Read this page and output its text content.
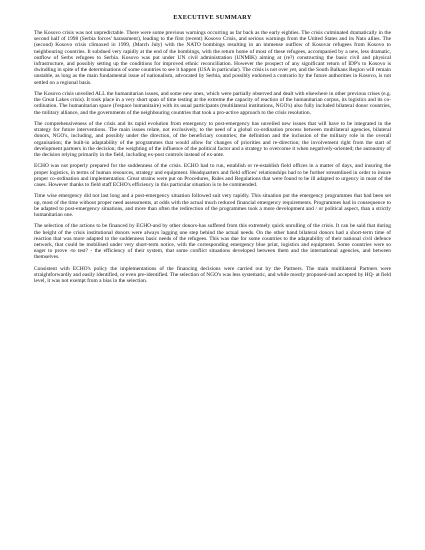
EXECUTIVE SUMMARY

The Kosovo crisis was not unpredictable. There were some previous warnings occurring as far back as the early eighties. The crisis culminated dramatically in the second half of 1998 (Serbia forces' harassment), leading to the first (recent) Kosovo Crisis, and serious warnings from the United States and its Nato allies. The (second) Kosovo crisis climaxed in 1999, (March July) with the NATO bombings resulting in an immense outflow of Kosovar refugees from Kosovo to neighbouring countries. It subdued very rapidly at the end of the bombings, with the return home of most of these refugees, accompanied by a new, less dramatic, outflow of Serbs refugees to Serbia. Kosovo was put under UN civil administration (UNMIK) aiming at (re?) constructing the basic civil and physical infrastructure, and possibly setting up the conditions for improved ethnic reconciliation. However the prospect of any significant return of IDP's to Kosovo is dwindling in spite of the determinations of some countries to see it happen (USA in particular). The crisis is not over yet, and the South Balkans Region will remain unstable, as long as the main fundamental issue of nationalism, advocated by Serbia, and possibly endorsed a contrario by the future authorities in Kosovo, is not settled on a regional basis.

The Kosovo crisis unveiled ALL the humanitarian issues, and some new ones, which were partially observed and dealt with elsewhere in other previous crises (e.g. the Great Lakes crisis). It took place in a very short span of time testing at the extreme the capacity of reaction of the humanitarian corpus, its logistics and its co-ordination. The humanitarian space (l'espace humanitaire) with its usual participants (multilateral institutions, NGO's) also fully included bilateral donor countries, the military alliance, and the governments of the neighbouring countries that took a pro-active approach to the crisis resolution.

The comprehensiveness of the crisis and its rapid evolution from emergency to post-emergency has unveiled new issues that will have to be integrated in the strategy for future interventions. The main issues relate, not exclusively, to the need of a global co-ordination process between multilateral agencies, bilateral donors, NGO's, including, and possibly under the direction, of the beneficiary countries; the definition and the inclusion of the military role in the overall organisation; the built-in adaptability of the programmes that would allow for changes of priorities and re-direction; the involvement right from the start of development partners in the decision; the weighting of the influence of the political factor and a strategy to overcome it when negatively-oriented; the autonomy of the decision relying primarily in the field, including ex-post controls instead of ex-ante.

ECHO was not properly prepared for the suddenness of the crisis. ECHO had to run, establish or re-establish field offices in a matter of days, and insuring the proper logistics, in terms of human resources, strategy and equipment. Headquarters and field offices' relationships had to be further streamlined in order to insure proper co-ordination and implementation. Great strains were put on Procedures, Rules and Regulations that were found to be ill adapted to urgency in most of the cases. However thanks to field staff ECHO's efficiency in this particular situation is to be commended.

Time wise emergency did not last long and a post-emergency situation followed suit very rapidly. This situation put the emergency programmes that had been set up, most of the time without proper need assessments, at odds with the actual much reduced financial emergency requirements. Programmes had in consequence to be adapted to post-emergency situations, and more than often the redirection of the programmes took a more development and / or political aspect, than a strictly humanitarian one.

The selection of the actions to be financed by ECHO-and by other donors-has suffered from this extremely quick unrolling of the crisis. It can be said that during the height of the crisis institutional donors were always lagging one step behind the actual needs. On the other hand bilateral donors had a short-term time of reaction that was more adapted to the suddenness basic needs of the refugees. This was due for some countries to the adaptability of their national civil defence network, that could be mobilised under very short-term notice, with the corresponding emergency blue print, logistics and equipment. Some countries were so eager to prove -to test? - the efficiency of their system, that some conflict situations developed between them and the international agencies, and between themselves.

Consistent with ECHO's policy the implementations of the financing decisions were carried out by the Partners. The main multilateral Partners were straightforwardly and easily identified, or even pre-identified. The selection of NGO's was less systematic, and while mostly proposed-and accepted by HQ- at field level, it was not exempt from a bias in the selection.
